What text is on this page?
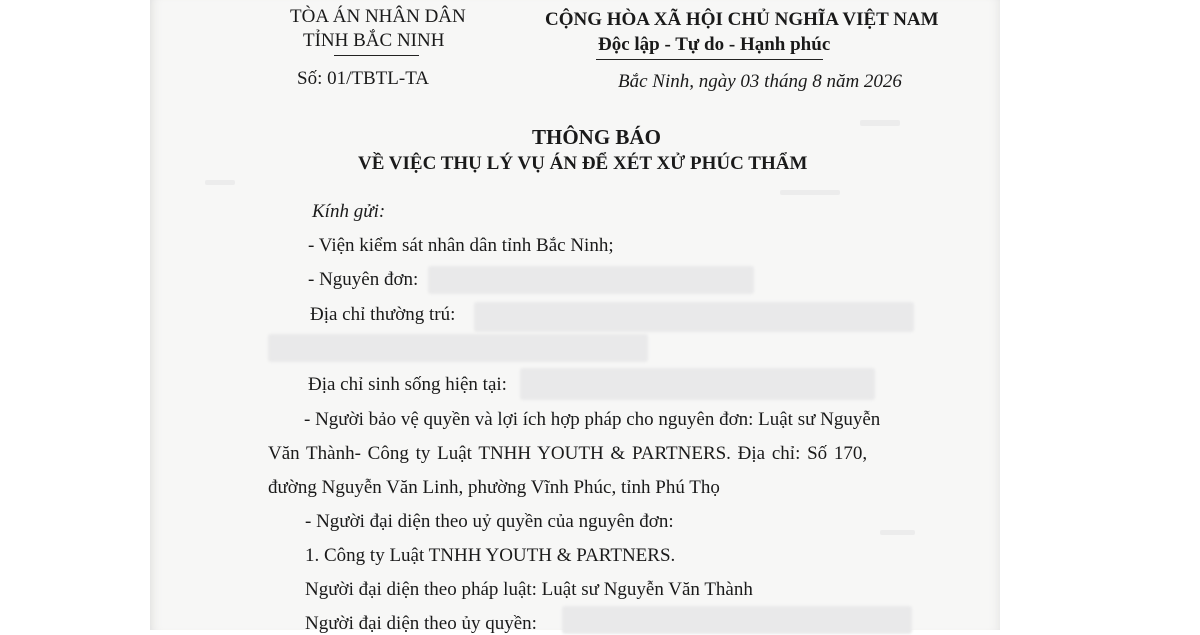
TÒA ÁN NHÂN DÂN
TỈNH BẮC NINH
Số: 01/TBTL-TA
CỘNG HÒA XÃ HỘI CHỦ NGHĨA VIỆT NAM
Độc lập - Tự do - Hạnh phúc
Bắc Ninh, ngày 03 tháng 8 năm 2026
THÔNG BÁO
VỀ VIỆC THỤ LÝ VỤ ÁN ĐỂ XÉT XỬ PHÚC THẨM
Kính gửi:
- Viện kiểm sát nhân dân tỉnh Bắc Ninh;
- Nguyên đơn:
Địa chỉ thường trú:
Địa chỉ sinh sống hiện tại:
- Người bảo vệ quyền và lợi ích hợp pháp cho nguyên đơn: Luật sư Nguyễn
Văn Thành- Công ty Luật TNHH YOUTH & PARTNERS. Địa chỉ: Số 170,
đường Nguyễn Văn Linh, phường Vĩnh Phúc, tỉnh Phú Thọ
- Người đại diện theo uỷ quyền của nguyên đơn:
1. Công ty Luật TNHH YOUTH & PARTNERS.
Người đại diện theo pháp luật: Luật sư Nguyễn Văn Thành
Người đại diện theo ủy quyền:
